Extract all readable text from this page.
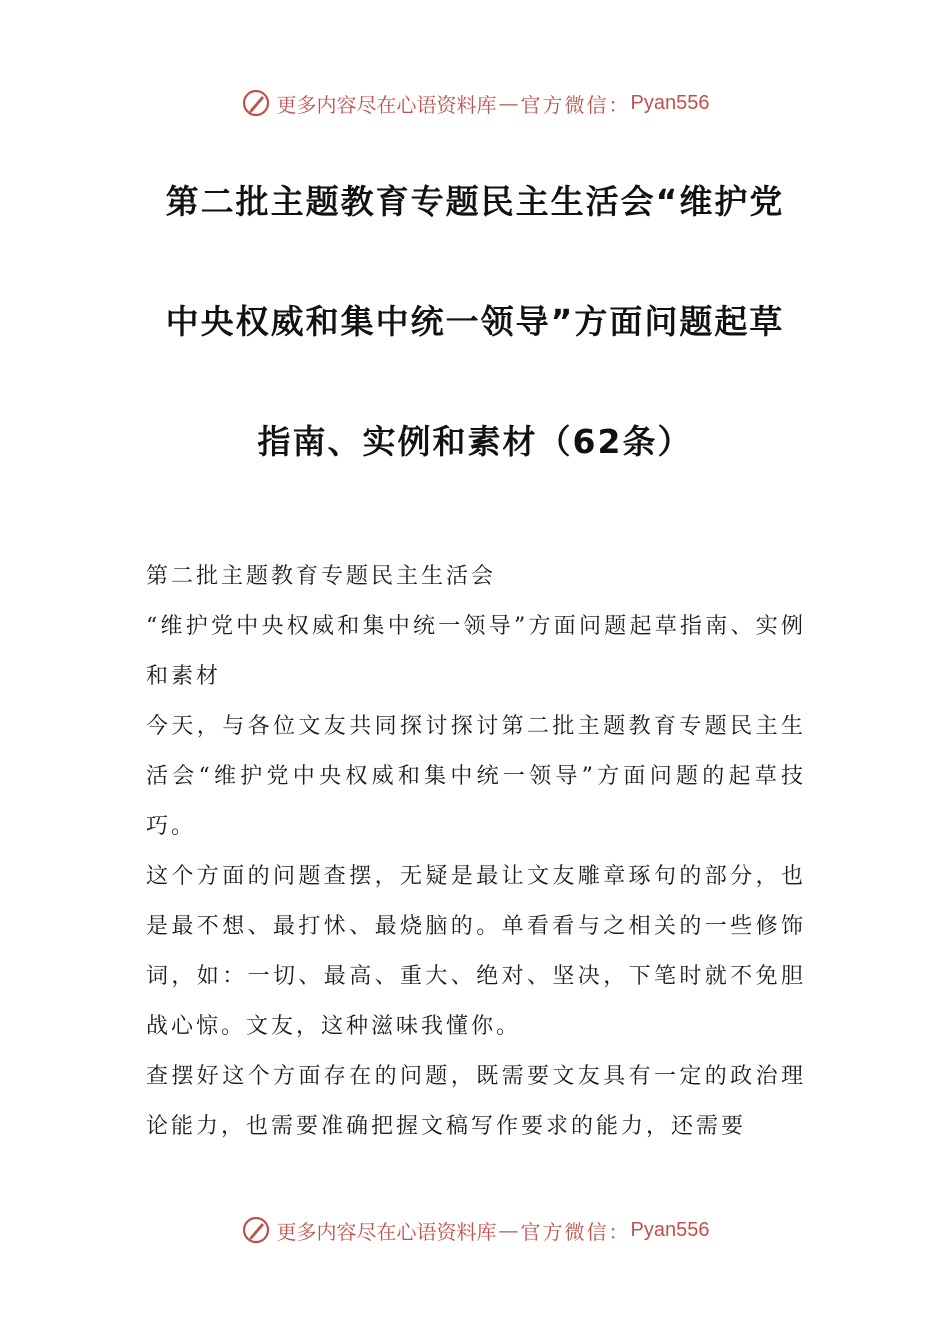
更多内容尽在心语资料库 — 官方微信： Pyan556
第二批主题教育专题民主生活会“维护党
中央权威和集中统一领导”方面问题起草
指南、实例和素材（62条）

第二批主题教育专题民主生活会

“维护党中央权威和集中统一领导”方面问题起草指南、实例和素材

今天，与各位文友共同探讨探讨第二批主题教育专题民主生活会“维护党中央权威和集中统一领导”方面问题的起草技巧。

这个方面的问题查摆，无疑是最让文友雕章琢句的部分，也是最不想、最打怵、最烧脑的。单看看与之相关的一些修饰词，如：一切、最高、重大、绝对、坚决，下笔时就不免胆战心惊。文友，这种滋味我懂你。

查摆好这个方面存在的问题，既需要文友具有一定的政治理论能力，也需要准确把握文稿写作要求的能力，还需要

更多内容尽在心语资料库 — 官方微信： Pyan556
